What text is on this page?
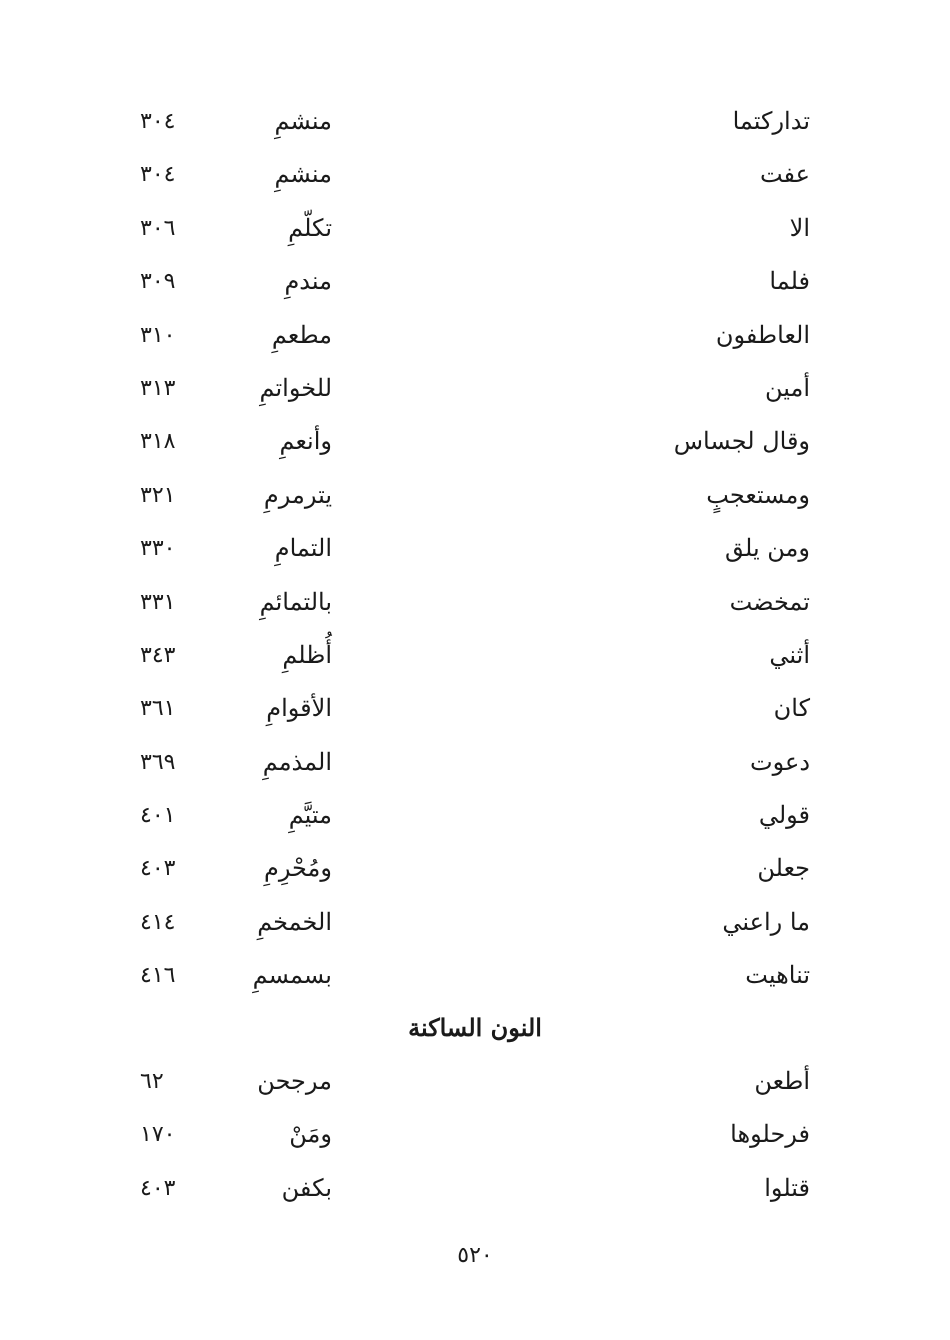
تداركتما
منشمِ
٣٠٤
عفت
منشمِ
٣٠٤
الا
تكلّمِ
٣٠٦
فلما
مندمِ
٣٠٩
العاطفون
مطعمِ
٣١٠
أمين
للخواتمِ
٣١٣
وقال لجساس
وأنعمِ
٣١٨
ومستعجبٍ
يترمرمِ
٣٢١
ومن يلق
التمامِ
٣٣٠
تمخضت
بالتمائمِ
٣٣١
أثني
أُظلمِ
٣٤٣
كان
الأقوامِ
٣٦١
دعوت
المذممِ
٣٦٩
قولي
متيَّمِ
٤٠١
جعلن
ومُحْرِمِ
٤٠٣
ما راعني
الخمخمِ
٤١٤
تناهيت
بسمسمِ
٤١٦
النون الساكنة
أطعن
مرجحن
٦٢
فرحلوها
ومَنْ
١٧٠
قتلوا
بكفن
٤٠٣
٥٢٠
